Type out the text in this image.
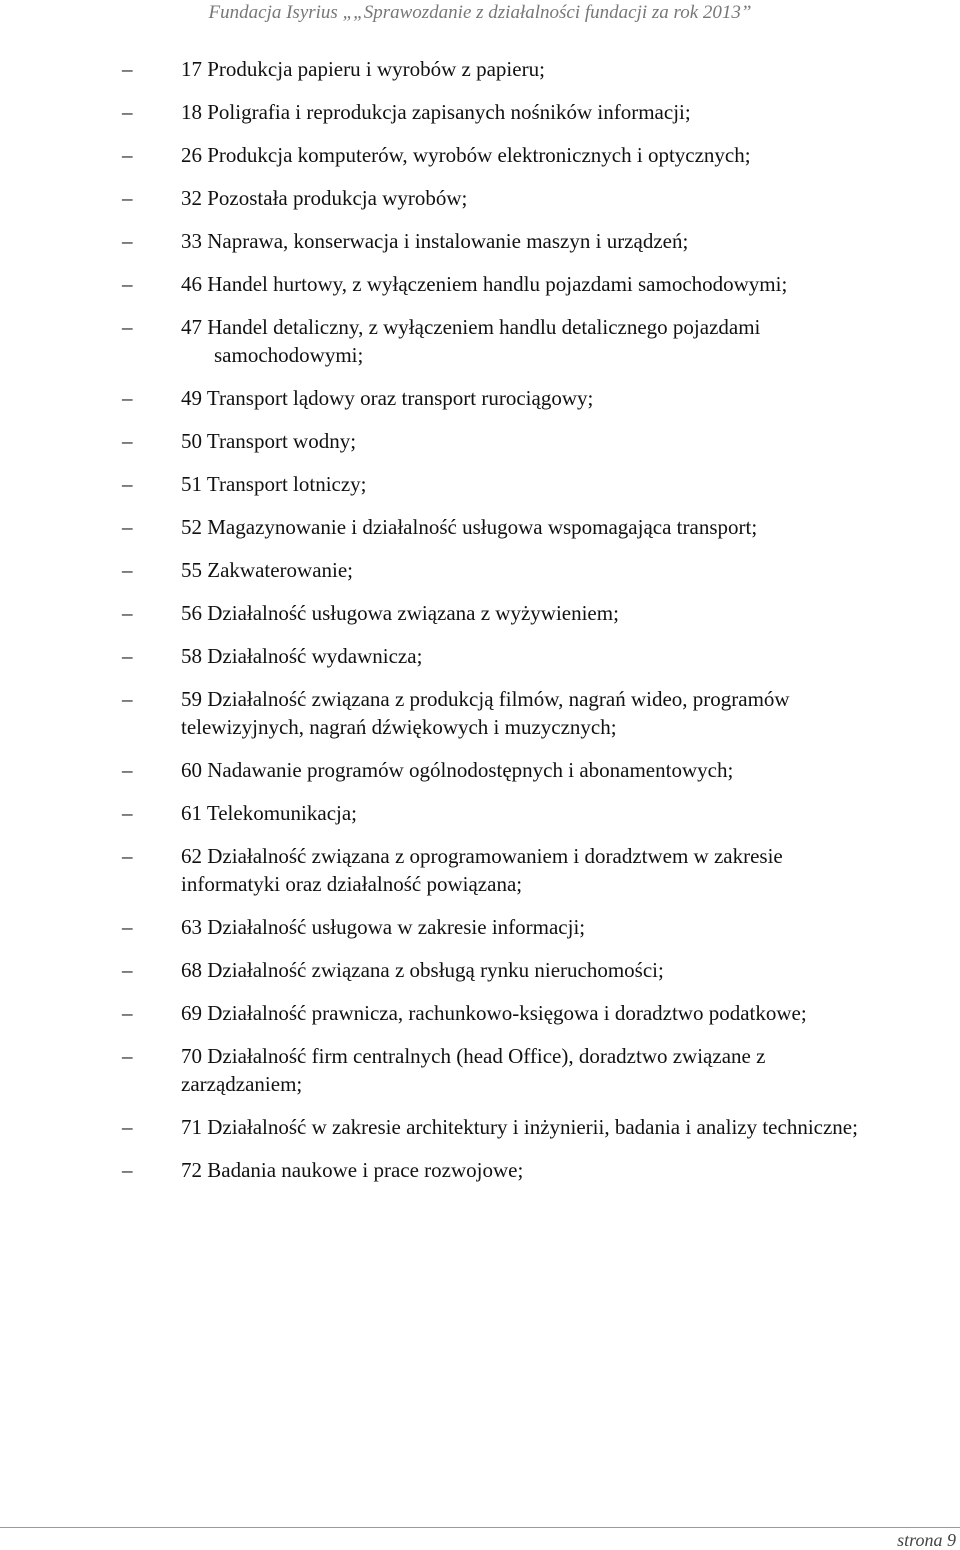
Fundacja Isyrius „„Sprawozdanie z działalności fundacji za rok 2013”
–	17 Produkcja papieru i wyrobów z papieru;
–	18 Poligrafia i reprodukcja zapisanych nośników informacji;
–	26 Produkcja komputerów, wyrobów elektronicznych i optycznych;
–	32 Pozostała produkcja wyrobów;
–	33 Naprawa, konserwacja i instalowanie maszyn i urządzeń;
–	46 Handel hurtowy, z wyłączeniem handlu pojazdami samochodowymi;
–	47 Handel detaliczny, z wyłączeniem handlu detalicznego pojazdami
samochodowymi;
–	49 Transport lądowy oraz transport rurociągowy;
–	50 Transport wodny;
–	51 Transport lotniczy;
–	52 Magazynowanie i działalność usługowa wspomagająca transport;
–	55 Zakwaterowanie;
–	56 Działalność usługowa związana z wyżywieniem;
–	58 Działalność wydawnicza;
–	59 Działalność związana z produkcją filmów, nagrań wideo, programów
telewizyjnych, nagrań dźwiękowych i muzycznych;
–	60 Nadawanie programów ogólnodostępnych i abonamentowych;
–	61 Telekomunikacja;
–	62 Działalność związana z oprogramowaniem i doradztwem w zakresie
informatyki oraz działalność powiązana;
–	63 Działalność usługowa w zakresie informacji;
–	68 Działalność związana z obsługą rynku nieruchomości;
–	69 Działalność prawnicza, rachunkowo-księgowa i doradztwo podatkowe;
–	70 Działalność firm centralnych (head Office), doradztwo związane z
zarządzaniem;
–	71 Działalność w zakresie architektury i inżynierii, badania i analizy techniczne;
–	72 Badania naukowe i prace rozwojowe;
strona 9
